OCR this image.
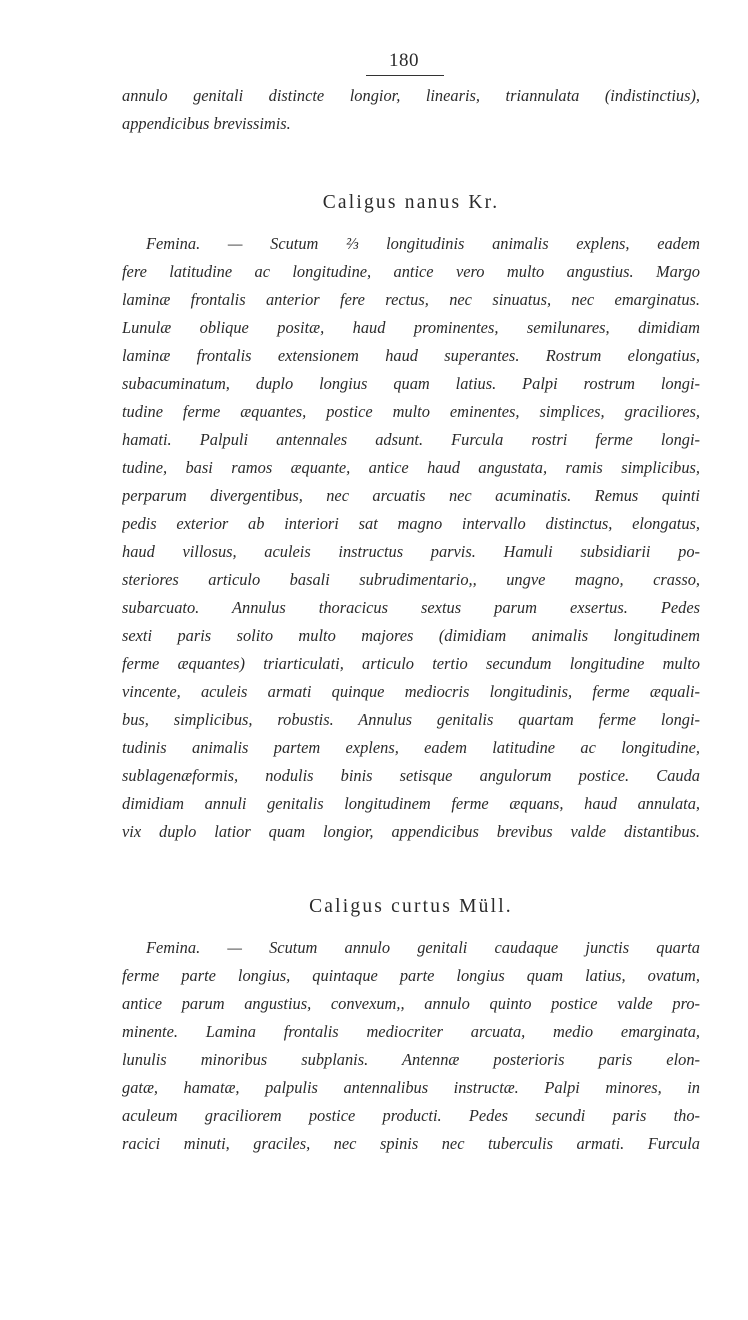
180
annulo genitali distincte longior, linearis, triannulata (indistinctius),
appendicibus brevissimis.
Caligus nanus Kr.
Femina. — Scutum ⅔ longitudinis animalis explens, eadem
fere latitudine ac longitudine, antice vero multo angustius. Margo
laminæ frontalis anterior fere rectus, nec sinuatus, nec emarginatus.
Lunulæ oblique positæ, haud prominentes, semilunares, dimidiam
laminæ frontalis extensionem haud superantes. Rostrum elongatius,
subacuminatum, duplo longius quam latius. Palpi rostrum longi-
tudine ferme æquantes, postice multo eminentes, simplices, graciliores,
hamati. Palpuli antennales adsunt. Furcula rostri ferme longi-
tudine, basi ramos æquante, antice haud angustata, ramis simplicibus,
perparum divergentibus, nec arcuatis nec acuminatis. Remus quinti
pedis exterior ab interiori sat magno intervallo distinctus, elongatus,
haud villosus, aculeis instructus parvis. Hamuli subsidiarii po-
steriores articulo basali subrudimentario,, ungve magno, crasso,
subarcuato. Annulus thoracicus sextus parum exsertus. Pedes
sexti paris solito multo majores (dimidiam animalis longitudinem
ferme æquantes) triarticulati, articulo tertio secundum longitudine multo
vincente, aculeis armati quinque mediocris longitudinis, ferme æquali-
bus, simplicibus, robustis. Annulus genitalis quartam ferme longi-
tudinis animalis partem explens, eadem latitudine ac longitudine,
sublagenæformis, nodulis binis setisque angulorum postice. Cauda
dimidiam annuli genitalis longitudinem ferme æquans, haud annulata,
vix duplo latior quam longior, appendicibus brevibus valde distantibus.
Caligus curtus Müll.
Femina. — Scutum annulo genitali caudaque junctis quarta
ferme parte longius, quintaque parte longius quam latius, ovatum,
antice parum angustius, convexum,, annulo quinto postice valde pro-
minente. Lamina frontalis mediocriter arcuata, medio emarginata,
lunulis minoribus subplanis. Antennæ posterioris paris elon-
gatæ, hamatæ, palpulis antennalibus instructæ. Palpi minores, in
aculeum graciliorem postice producti. Pedes secundi paris tho-
racici minuti, graciles, nec spinis nec tuberculis armati. Furcula
